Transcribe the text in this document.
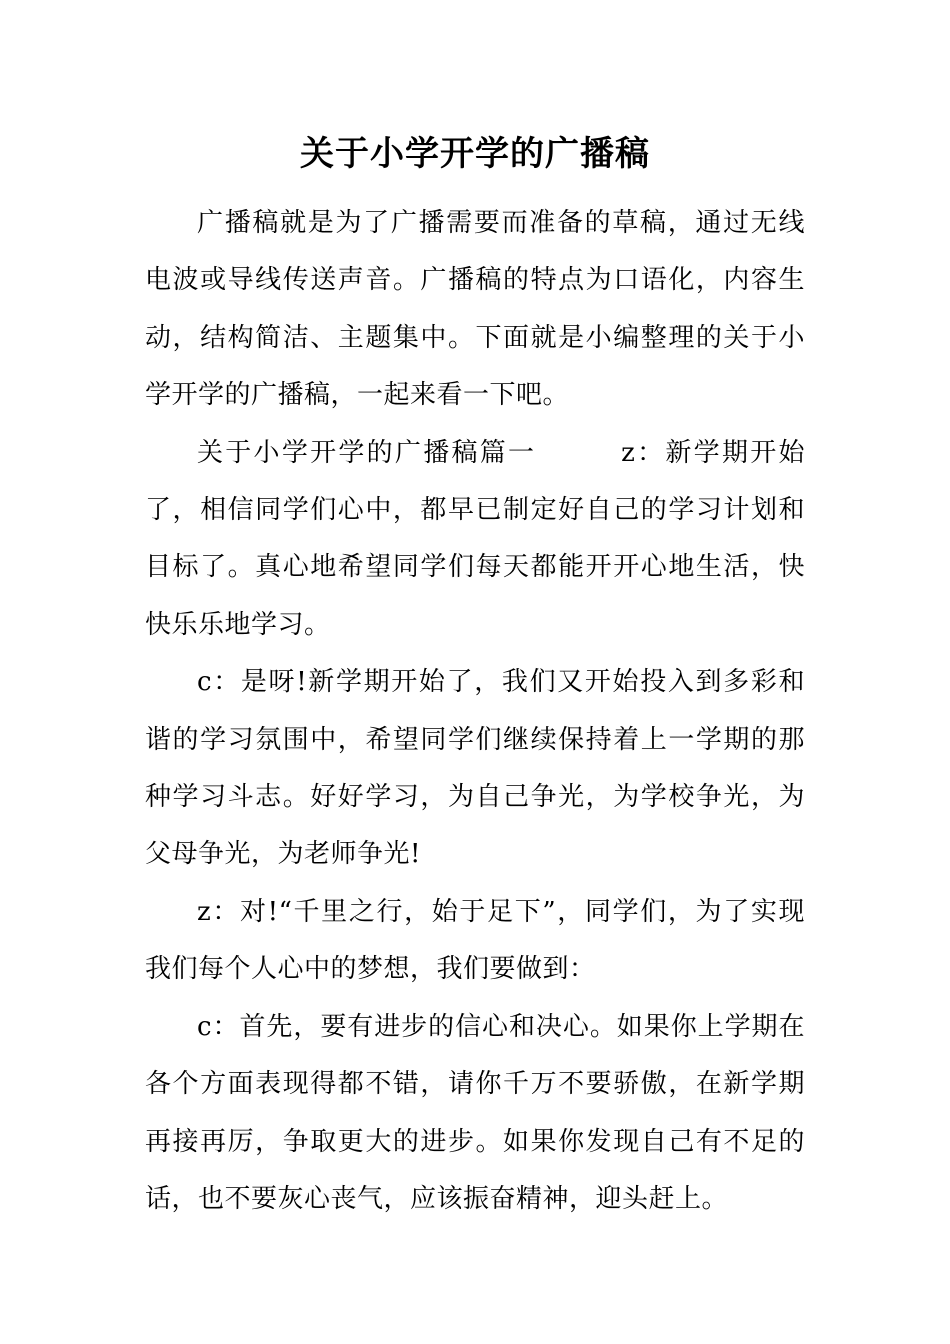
关于小学开学的广播稿

广播稿就是为了广播需要而准备的草稿，通过无线电波或导线传送声音。广播稿的特点为口语化，内容生动，结构简洁、主题集中。下面就是小编整理的关于小学开学的广播稿，一起来看一下吧。

关于小学开学的广播稿篇一　　　z：新学期开始了，相信同学们心中，都早已制定好自己的学习计划和目标了。真心地希望同学们每天都能开开心地生活，快快乐乐地学习。

c：是呀!新学期开始了，我们又开始投入到多彩和谐的学习氛围中，希望同学们继续保持着上一学期的那种学习斗志。好好学习，为自己争光，为学校争光，为父母争光，为老师争光!

z：对!“千里之行，始于足下”，同学们，为了实现我们每个人心中的梦想，我们要做到：

c：首先，要有进步的信心和决心。如果你上学期在各个方面表现得都不错，请你千万不要骄傲，在新学期再接再厉，争取更大的进步。如果你发现自己有不足的话，也不要灰心丧气，应该振奋精神，迎头赶上。
